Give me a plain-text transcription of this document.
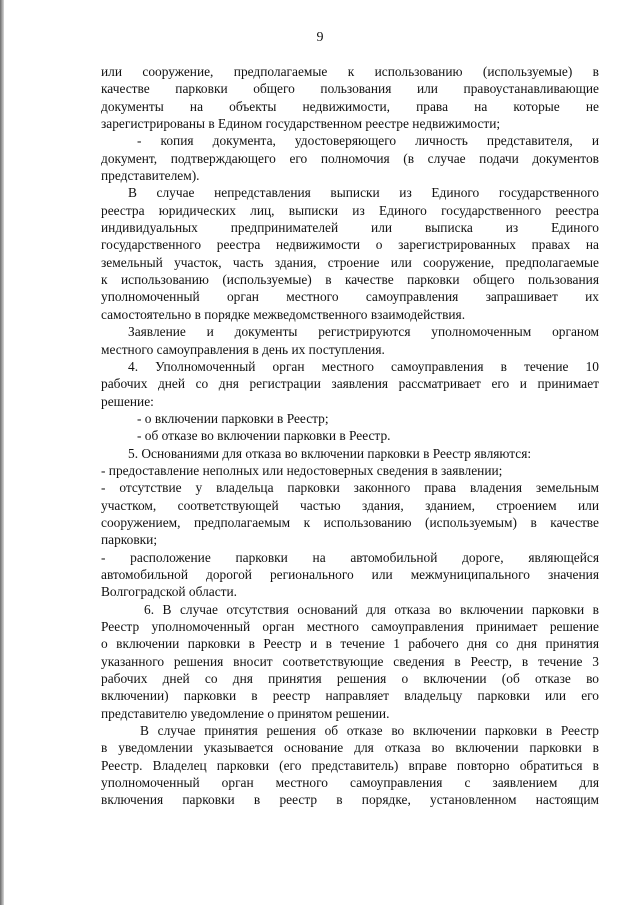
9
или сооружение, предполагаемые к использованию (используемые) в
качестве парковки общего пользования или правоустанавливающие
документы на объекты недвижимости, права на которые не
зарегистрированы в Едином государственном реестре недвижимости;
- копия документа, удостоверяющего личность представителя, и
документ, подтверждающего его полномочия (в случае подачи документов
представителем).
В случае непредставления выписки из Единого государственного
реестра юридических лиц, выписки из Единого государственного реестра
индивидуальных предпринимателей или выписка из Единого
государственного реестра недвижимости о зарегистрированных правах на
земельный участок, часть здания, строение или сооружение, предполагаемые
к использованию (используемые) в качестве парковки общего пользования
уполномоченный орган местного самоуправления запрашивает их
самостоятельно в порядке межведомственного взаимодействия.
Заявление и документы регистрируются уполномоченным органом
местного самоуправления в день их поступления.
4. Уполномоченный орган местного самоуправления в течение 10
рабочих дней со дня регистрации заявления рассматривает его и принимает
решение:
- о включении парковки в Реестр;
- об отказе во включении парковки в Реестр.
5. Основаниями для отказа во включении парковки в Реестр являются:
- предоставление неполных или недостоверных сведения в заявлении;
- отсутствие у владельца парковки законного права владения земельным
участком, соответствующей частью здания, зданием, строением или
сооружением, предполагаемым к использованию (используемым) в качестве
парковки;
- расположение парковки на автомобильной дороге, являющейся
автомобильной дорогой регионального или межмуниципального значения
Волгоградской области.
6. В случае отсутствия оснований для отказа во включении парковки в
Реестр уполномоченный орган местного самоуправления принимает решение
о включении парковки в Реестр и в течение 1 рабочего дня со дня принятия
указанного решения вносит соответствующие сведения в Реестр, в течение 3
рабочих дней со дня принятия решения о включении (об отказе во
включении) парковки в реестр направляет владельцу парковки или его
представителю уведомление о принятом решении.
В случае принятия решения об отказе во включении парковки в Реестр
в уведомлении указывается основание для отказа во включении парковки в
Реестр. Владелец парковки (его представитель) вправе повторно обратиться в
уполномоченный орган местного самоуправления с заявлением для
включения парковки в реестр в порядке, установленном настоящим
